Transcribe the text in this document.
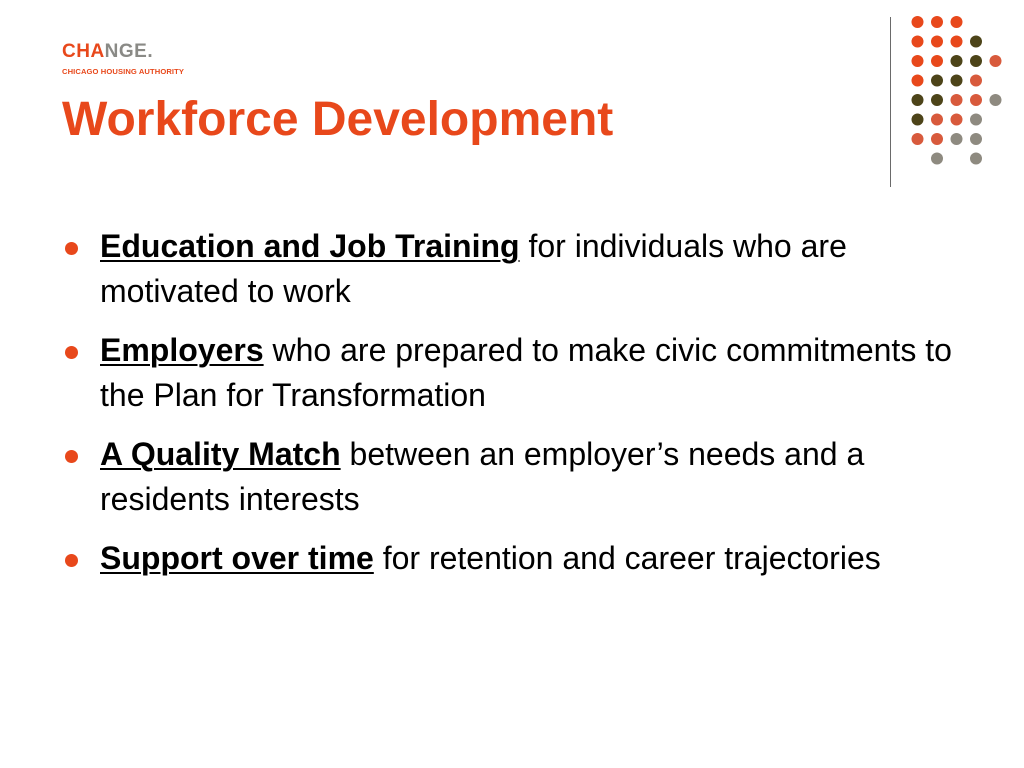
CHANGE.
CHICAGO HOUSING AUTHORITY
Workforce Development
Education and Job Training for individuals who are motivated to work
Employers who are prepared to make civic commitments to the Plan for Transformation
A Quality Match between an employer’s needs and a residents interests
Support over time for retention and career trajectories
